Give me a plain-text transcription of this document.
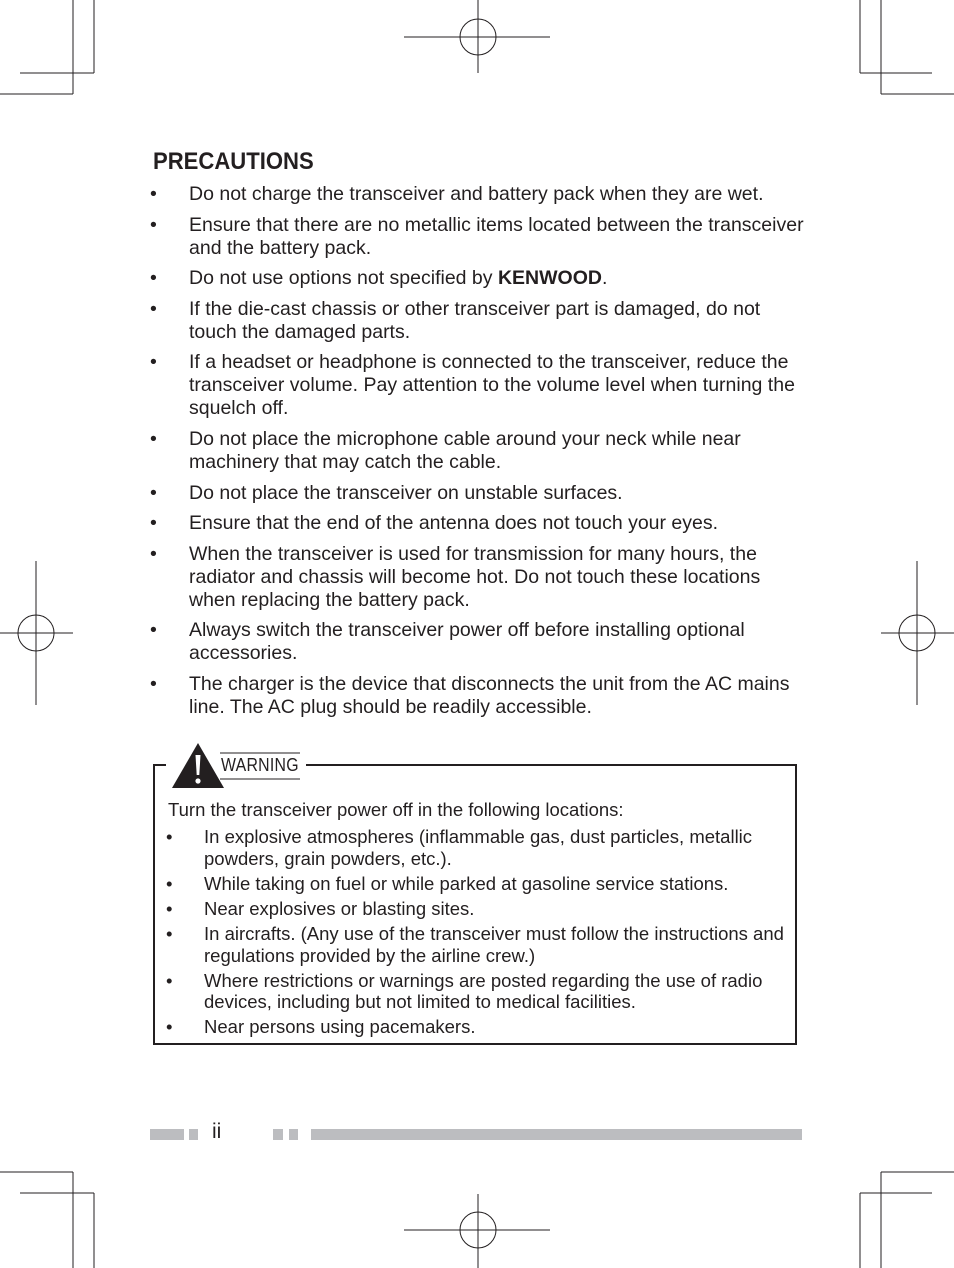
PRECAUTIONS
• Do not charge the transceiver and battery pack when they are wet.
• Ensure that there are no metallic items located between the transceiver and the battery pack.
• Do not use options not specified by KENWOOD.
• If the die-cast chassis or other transceiver part is damaged, do not touch the damaged parts.
• If a headset or headphone is connected to the transceiver, reduce the transceiver volume. Pay attention to the volume level when turning the squelch off.
• Do not place the microphone cable around your neck while near machinery that may catch the cable.
• Do not place the transceiver on unstable surfaces.
• Ensure that the end of the antenna does not touch your eyes.
• When the transceiver is used for transmission for many hours, the radiator and chassis will become hot. Do not touch these locations when replacing the battery pack.
• Always switch the transceiver power off before installing optional accessories.
• The charger is the device that disconnects the unit from the AC mains line. The AC plug should be readily accessible.
WARNING

Turn the transceiver power off in the following locations:

• In explosive atmospheres (inflammable gas, dust particles, metallic powders, grain powders, etc.).
• While taking on fuel or while parked at gasoline service stations.
• Near explosives or blasting sites.
• In aircrafts. (Any use of the transceiver must follow the instructions and regulations provided by the airline crew.)
• Where restrictions or warnings are posted regarding the use of radio devices, including but not limited to medical facilities.
• Near persons using pacemakers.
ii
